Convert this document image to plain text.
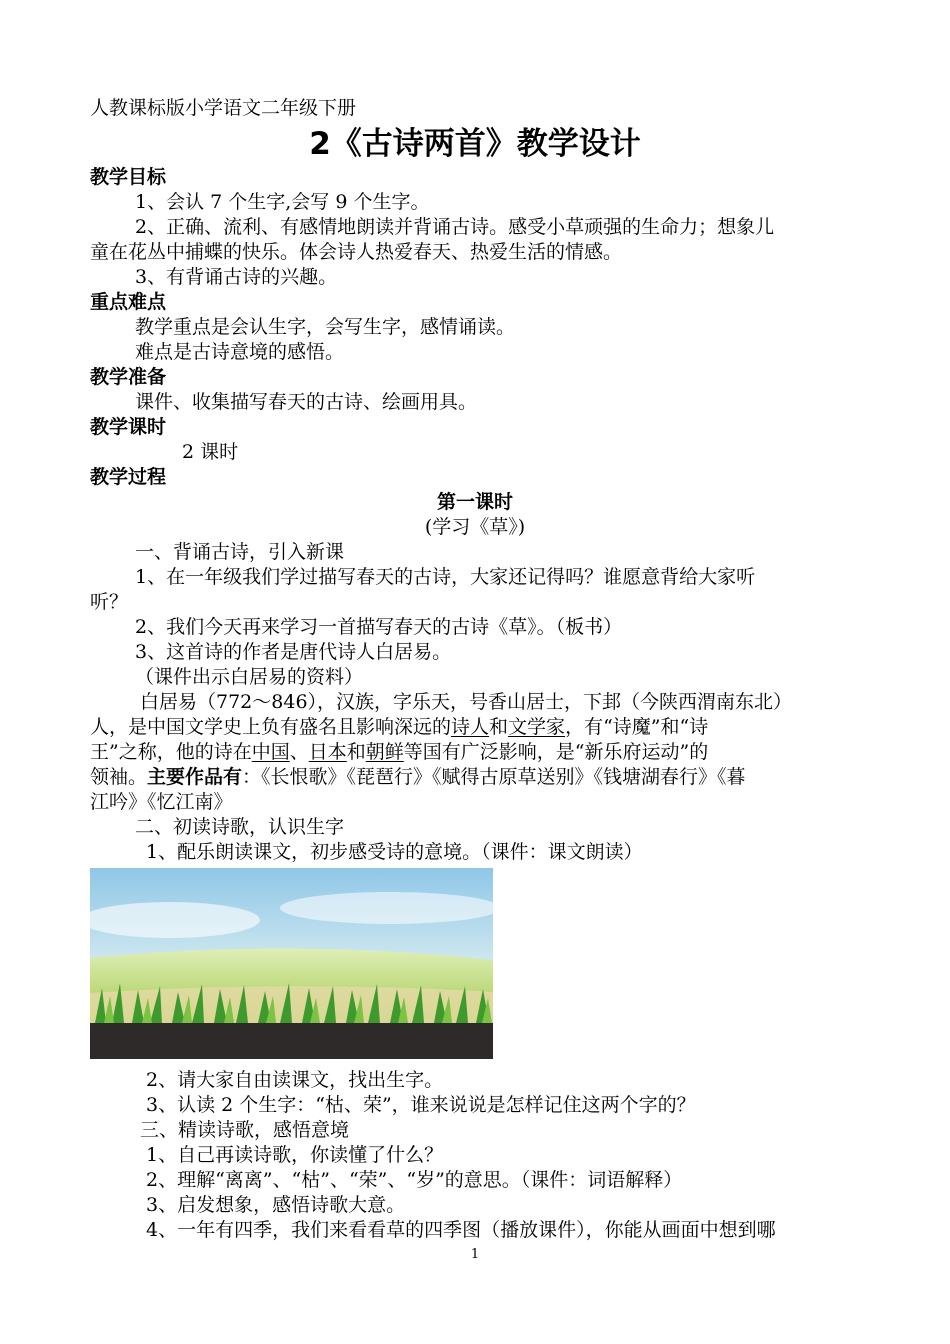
人教课标版小学语文二年级下册
2《古诗两首》教学设计
教学目标
1、会认 7 个生字,会写 9 个生字。
2、正确、流利、有感情地朗读并背诵古诗。感受小草顽强的生命力；想象儿
童在花丛中捕蝶的快乐。体会诗人热爱春天、热爱生活的情感。
3、有背诵古诗的兴趣。
重点难点
教学重点是会认生字，会写生字，感情诵读。
难点是古诗意境的感悟。
教学准备
课件、收集描写春天的古诗、绘画用具。
教学课时
2 课时
教学过程
第一课时
(学习《草》)
一、背诵古诗，引入新课
1、在一年级我们学过描写春天的古诗，大家还记得吗？谁愿意背给大家听
听？
2、我们今天再来学习一首描写春天的古诗《草》。（板书）
3、这首诗的作者是唐代诗人白居易。
（课件出示白居易的资料）
白居易（772～846），汉族，字乐天，号香山居士，下邽（今陕西渭南东北）
人，是中国文学史上负有盛名且影响深远的诗人和文学家，有“诗魔”和“诗
王”之称，他的诗在中国、日本和朝鲜等国有广泛影响，是“新乐府运动”的
领袖。主要作品有：《长恨歌》《琵琶行》《赋得古原草送别》《钱塘湖春行》《暮
江吟》《忆江南》
二、初读诗歌，认识生字
1、配乐朗读课文，初步感受诗的意境。（课件：课文朗读）
2、请大家自由读课文，找出生字。
3、认读 2 个生字：“枯、荣”，谁来说说是怎样记住这两个字的？
三、精读诗歌，感悟意境
1、自己再读诗歌，你读懂了什么？
2、理解“离离”、“枯”、“荣”、“岁”的意思。（课件：词语解释）
3、启发想象，感悟诗歌大意。
4、一年有四季，我们来看看草的四季图（播放课件），你能从画面中想到哪
1
